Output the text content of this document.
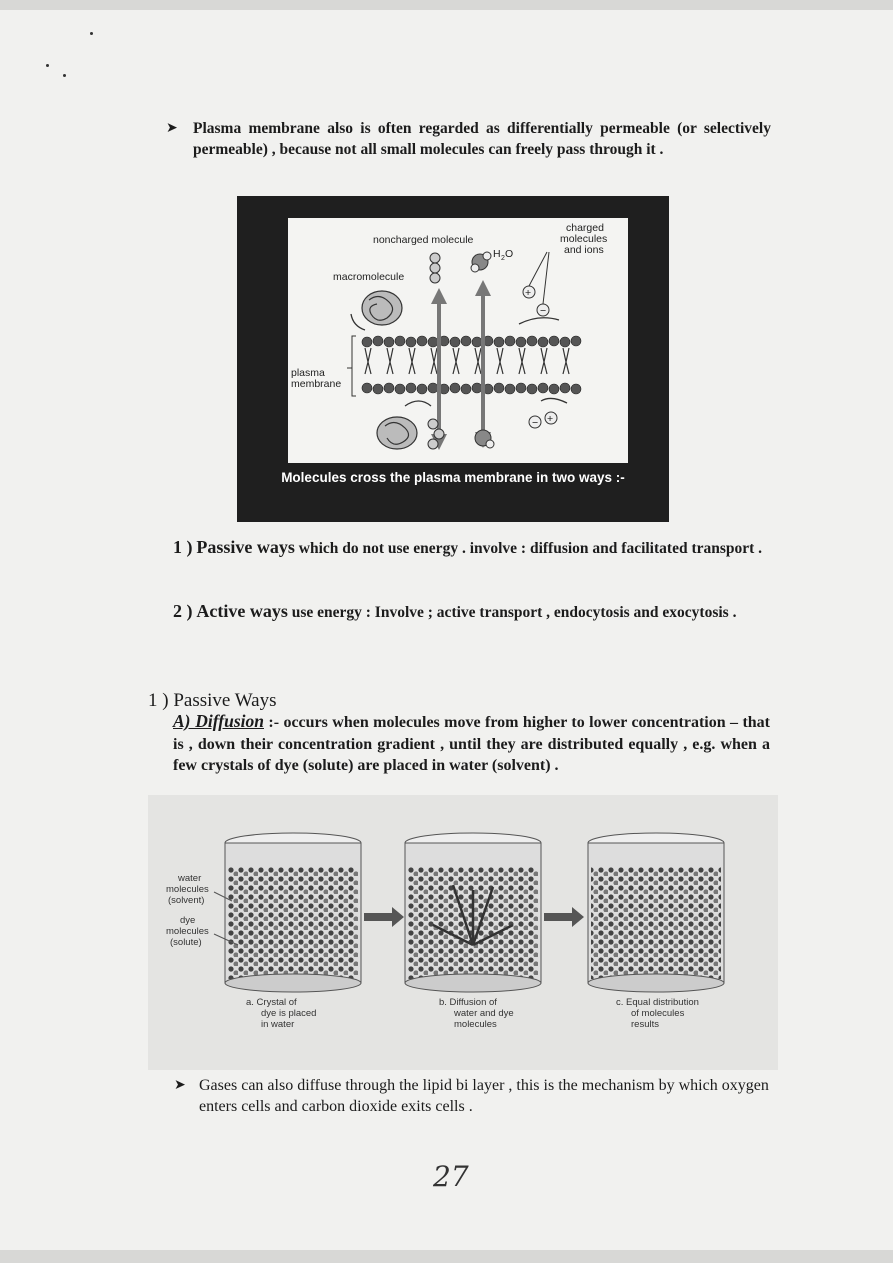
➤ Plasma membrane also is often regarded as differentially permeable (or selectively permeable) , because not all small molecules can freely pass through it .
+
−
− +
noncharged molecule
charged
molecules
and ions
H 2 O
macromolecule
plasma
membrane
Molecules cross the plasma membrane in two ways :-
1 ) Passive ways which do not use energy . involve : diffusion and facilitated transport .
2 ) Active ways use energy : Involve ; active transport , endocytosis and exocytosis .
1 ) Passive Ways
A) Diffusion :- occurs when molecules move from higher to lower concentration – that is , down their concentration gradient , until they are distributed equally , e.g. when a few crystals of dye (solute) are placed in water (solvent) .
water
molecules
(solvent)
dye
molecules
(solute)
a. Crystal of
dye is placed
in water
b. Diffusion of
water and dye
molecules
c. Equal distribution
of molecules
results
➤ Gases can also diffuse through the lipid bi layer , this is the mechanism by which oxygen enters cells and carbon dioxide exits cells .
27
